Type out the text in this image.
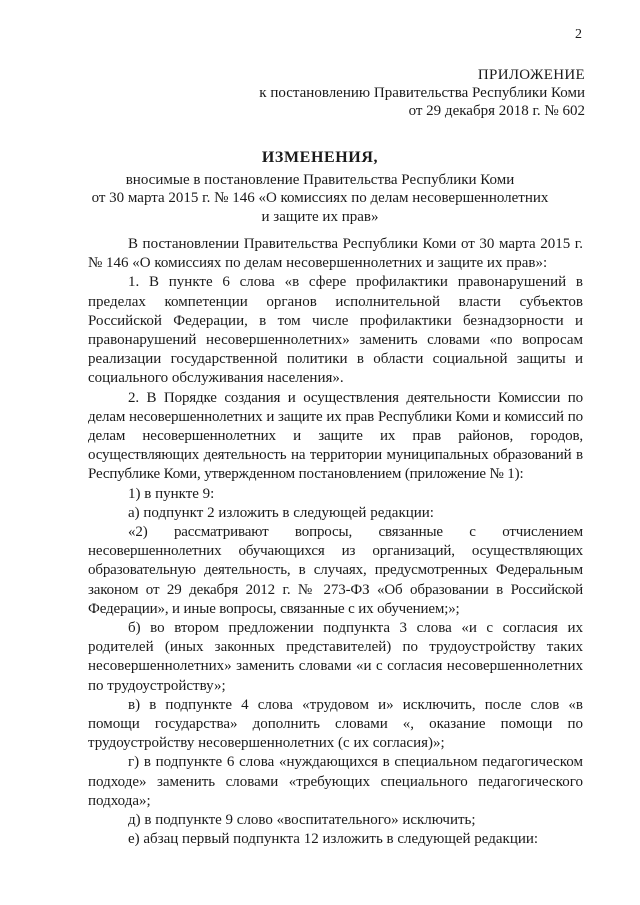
2
ПРИЛОЖЕНИЕ
к постановлению Правительства Республики Коми
от 29 декабря 2018 г. № 602
ИЗМЕНЕНИЯ,
вносимые в постановление Правительства Республики Коми
от 30 марта 2015 г. № 146 «О комиссиях по делам несовершеннолетних
и защите их прав»

В постановлении Правительства Республики Коми от 30 марта 2015 г. № 146 «О комиссиях по делам несовершеннолетних и защите их прав»:

1. В пункте 6 слова «в сфере профилактики правонарушений в пределах компетенции органов исполнительной власти субъектов Российской Федерации, в том числе профилактики безнадзорности и правонарушений несовершеннолетних» заменить словами «по вопросам реализации государственной политики в области социальной защиты и социального обслуживания населения».

2. В Порядке создания и осуществления деятельности Комиссии по делам несовершеннолетних и защите их прав Республики Коми и комиссий по делам несовершеннолетних и защите их прав районов, городов, осуществляющих деятельность на территории муниципальных образований в Республике Коми, утвержденном постановлением (приложение № 1):

1) в пункте 9:

а) подпункт 2 изложить в следующей редакции:

«2) рассматривают вопросы, связанные с отчислением несовершеннолетних обучающихся из организаций, осуществляющих образовательную деятельность, в случаях, предусмотренных Федеральным законом от 29 декабря 2012 г. № 273-ФЗ «Об образовании в Российской Федерации», и иные вопросы, связанные с их обучением;»;

б) во втором предложении подпункта 3 слова «и с согласия их родителей (иных законных представителей) по трудоустройству таких несовершеннолетних» заменить словами «и с согласия несовершеннолетних по трудоустройству»;

в) в подпункте 4 слова «трудовом и» исключить, после слов «в помощи государства» дополнить словами «, оказание помощи по трудоустройству несовершеннолетних (с их согласия)»;

г) в подпункте 6 слова «нуждающихся в специальном педагогическом подходе» заменить словами «требующих специального педагогического подхода»;

д) в подпункте 9 слово «воспитательного» исключить;

е) абзац первый подпункта 12 изложить в следующей редакции:
